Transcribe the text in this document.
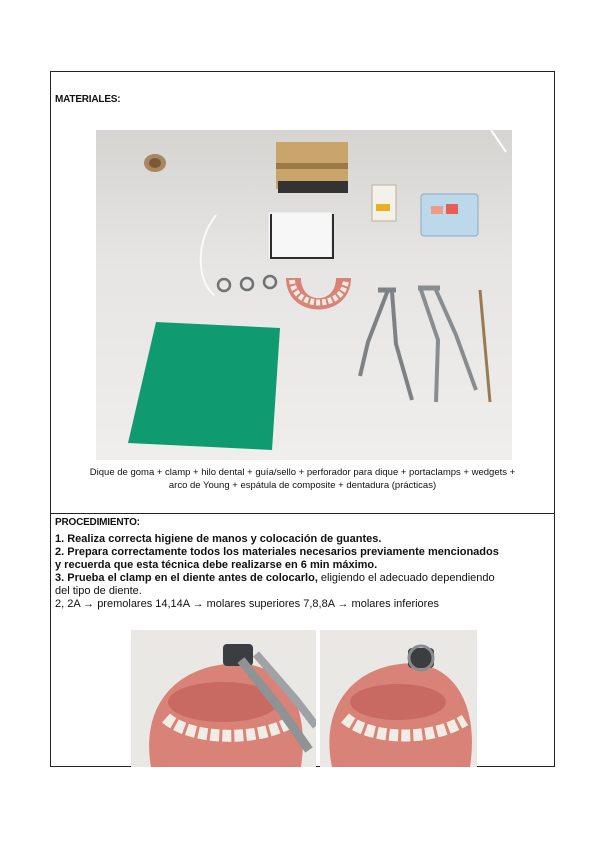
MATERIALES:
Dique de goma + clamp + hilo dental + guía/sello + perforador para dique + portaclamps + wedgets +
arco de Young + espátula de composite + dentadura (prácticas)
PROCEDIMIENTO:

1. Realiza correcta higiene de manos y colocación de guantes.

2. Prepara correctamente todos los materiales necesarios previamente mencionados

y recuerda que esta técnica debe realizarse en 6 min máximo.

3. Prueba el clamp en el diente antes de colocarlo, eligiendo el adecuado dependiendo

del tipo de diente.

2, 2A → premolares 14,14A → molares superiores 7,8,8A → molares inferiores
